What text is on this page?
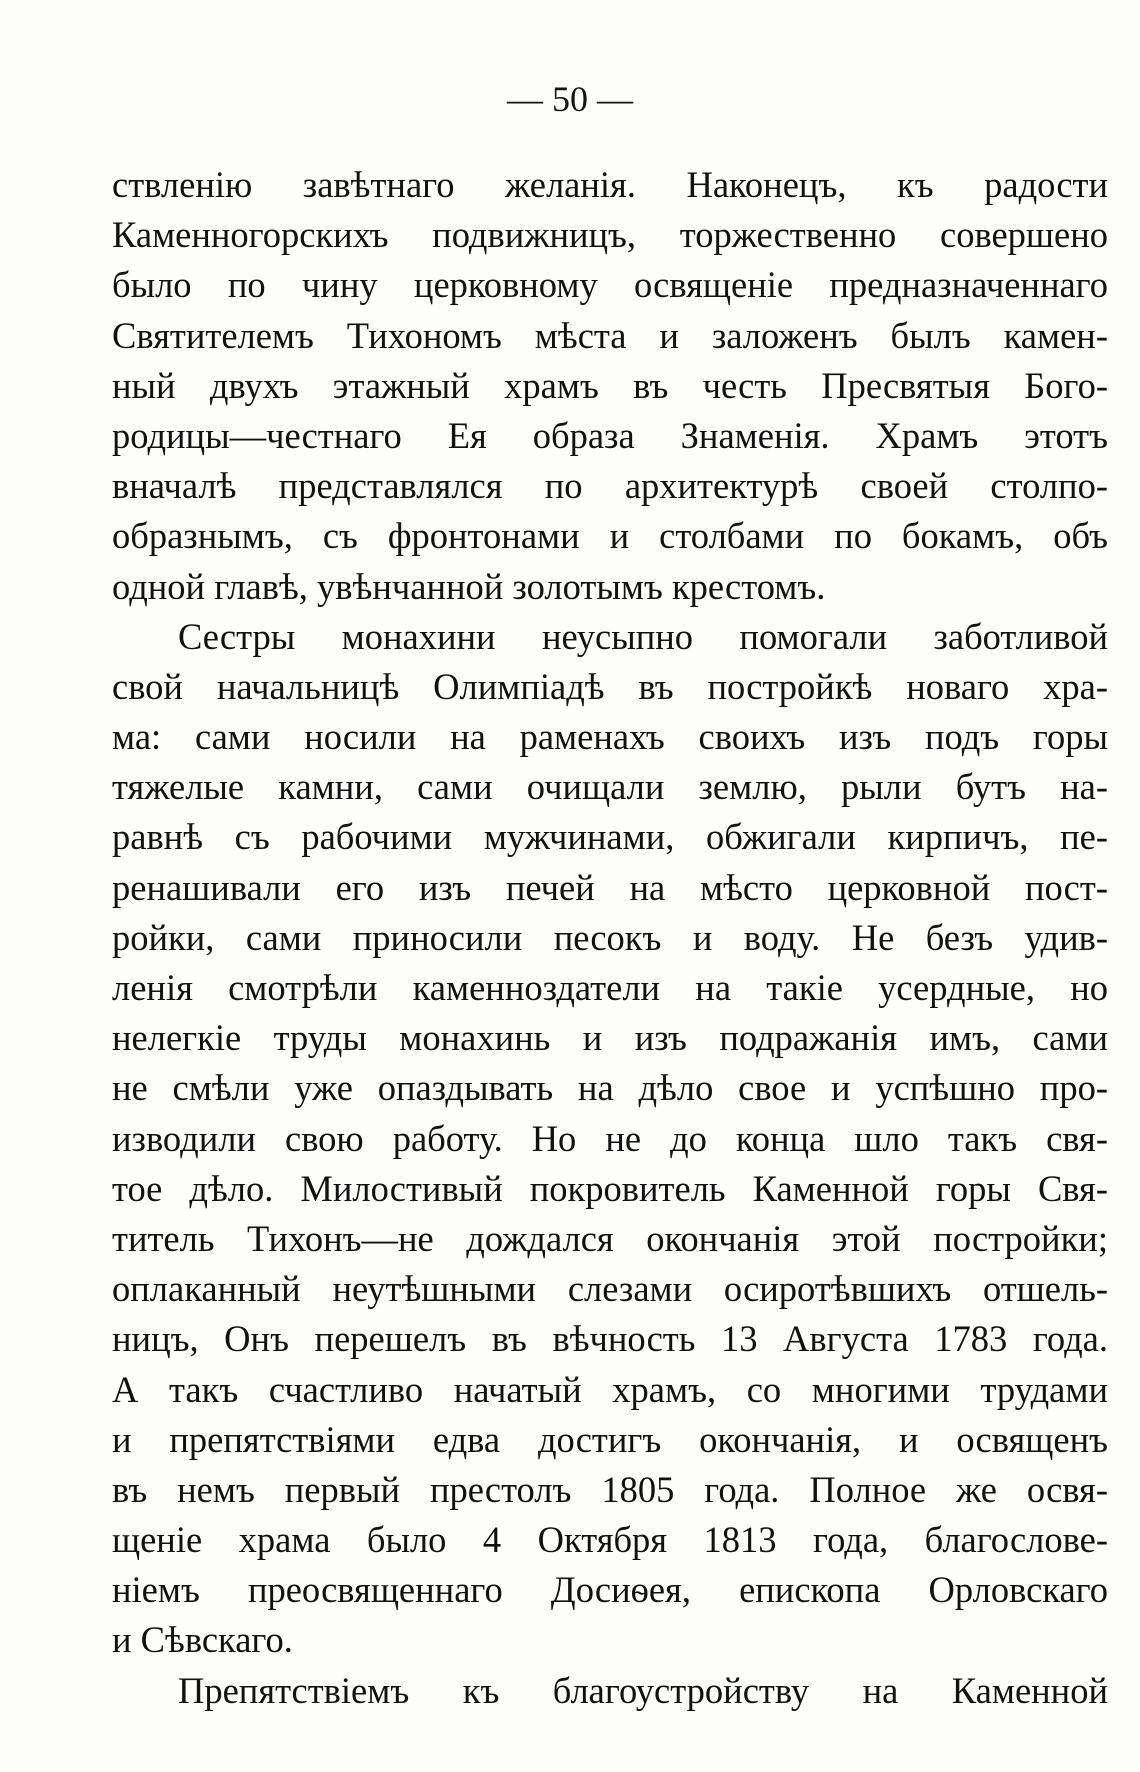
— 50 —
ствленію завѣтнаго желанія. Наконецъ, къ радости
Каменногорскихъ подвижницъ, торжественно совершено
было по чину церковному освященіе предназначеннаго
Святителемъ Тихономъ мѣста и заложенъ былъ камен-
ный двухъ этажный храмъ въ честь Пресвятыя Бого-
родицы—честнаго Ея образа Знаменія. Храмъ этотъ
вначалѣ представлялся по архитектурѣ своей столпо-
образнымъ, съ фронтонами и столбами по бокамъ, объ
одной главѣ, увѣнчанной золотымъ крестомъ.
Сестры монахини неусыпно помогали заботливой
свой начальницѣ Олимпіадѣ въ постройкѣ новаго хра-
ма: сами носили на раменахъ своихъ изъ подъ горы
тяжелые камни, сами очищали землю, рыли бутъ на-
равнѣ съ рабочими мужчинами, обжигали кирпичъ, пе-
ренашивали его изъ печей на мѣсто церковной пост-
ройки, сами приносили песокъ и воду. Не безъ удив-
ленія смотрѣли каменноздатели на такіе усердные, но
нелегкіе труды монахинь и изъ подражанія имъ, сами
не смѣли уже опаздывать на дѣло свое и успѣшно про-
изводили свою работу. Но не до конца шло такъ свя-
тое дѣло. Милостивый покровитель Каменной горы Свя-
титель Тихонъ—не дождался окончанія этой постройки;
оплаканный неутѣшными слезами осиротѣвшихъ отшель-
ницъ, Онъ перешелъ въ вѣчность 13 Августа 1783 года.
А такъ счастливо начатый храмъ, со многими трудами
и препятствіями едва достигъ окончанія, и освященъ
въ немъ первый престолъ 1805 года. Полное же освя-
щеніе храма было 4 Октября 1813 года, благослове-
ніемъ преосвященнаго Досиѳея, епископа Орловскаго
и Сѣвскаго.
Препятствіемъ къ благоустройству на Каменной
